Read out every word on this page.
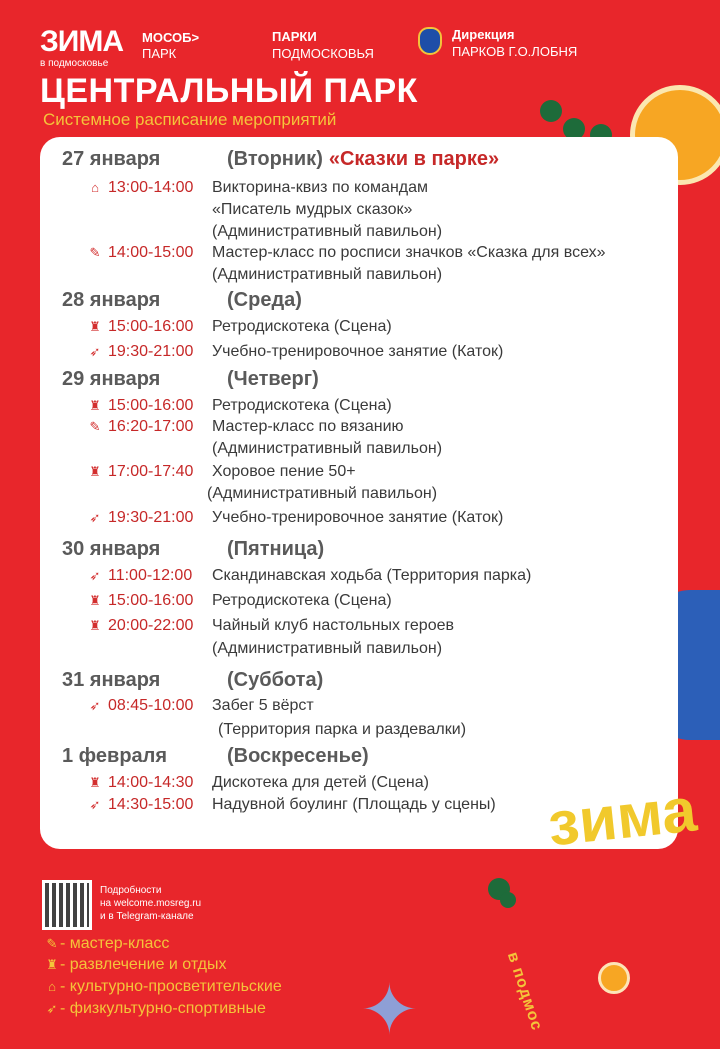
ЗИМА
в подмосковье
МОСОБ>
ПАРК
ПАРКИ
ПОДМОСКОВЬЯ
Дирекция
ПАРКОВ Г.О.ЛОБНЯ
ЦЕНТРАЛЬНЫЙ ПАРК
Системное расписание мероприятий
27 января	(Вторник) «Сказки в парке»
⌂ 13:00-14:00 Викторина-квиз по командам
«Писатель мудрых сказок»
(Административный павильон)
✎ 14:00-15:00 Мастер-класс по росписи значков «Сказка для всех»
(Административный павильон)
28 января	(Среда)
♜ 15:00-16:00 Ретродискотека (Сцена)
➶ 19:30-21:00 Учебно-тренировочное занятие (Каток)
29 января	(Четверг)
♜ 15:00-16:00 Ретродискотека (Сцена)
✎ 16:20-17:00 Мастер-класс по вязанию
(Административный павильон)
♜ 17:00-17:40 Хоровое пение 50+
(Административный павильон)
➶ 19:30-21:00 Учебно-тренировочное занятие (Каток)
30 января	(Пятница)
➶ 11:00-12:00 Скандинавская ходьба (Территория парка)
♜ 15:00-16:00 Ретродискотека (Сцена)
♜ 20:00-22:00 Чайный клуб настольных героев
(Административный павильон)
31 января	(Суббота)
➶ 08:45-10:00 Забег 5 вёрст
(Территория парка и раздевалки)
1 февраля	(Воскресенье)
♜ 14:00-14:30 Дискотека для детей (Сцена)
➶ 14:30-15:00 Надувной боулинг (Площадь у сцены) зима
✦	в подмос
Подробности
на welcome.mosreg.ru
и в Telegram-канале
✎ - мастер-класс
♜ - развлечение и отдых
⌂ - культурно-просветительские
➶ - физкультурно-спортивные
